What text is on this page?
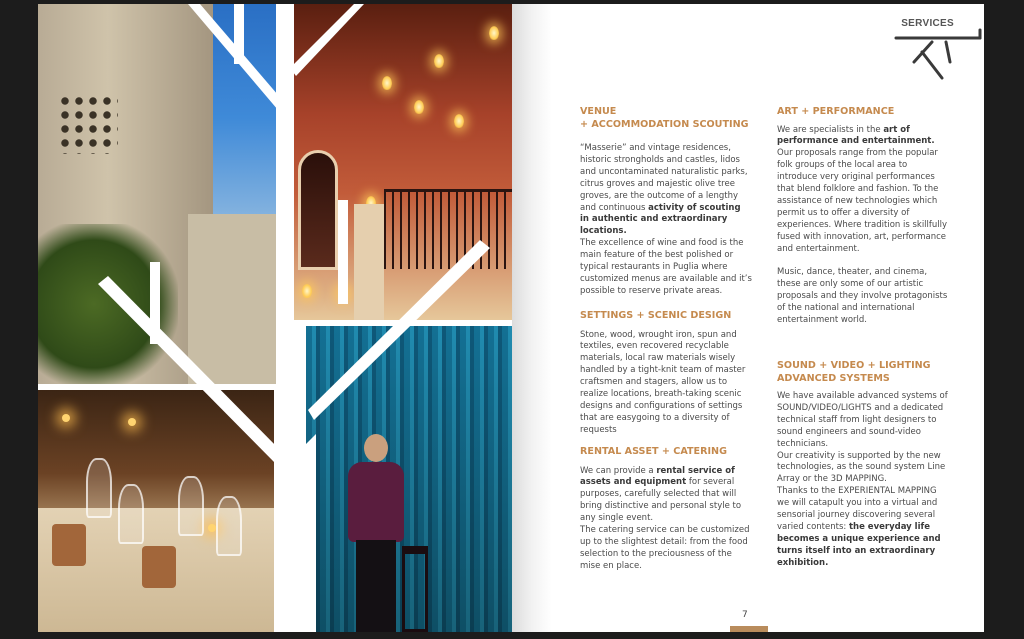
SERVICES
VENUE
+ ACCOMMODATION SCOUTING

“Masserie” and vintage residences, historic strongholds and castles, lidos and uncontaminated naturalistic parks, citrus groves and majestic olive tree groves, are the outcome of a lengthy and continuous activity of scouting in authentic and extraordinary locations.
The excellence of wine and food is the main feature of the best polished or typical restaurants in Puglia where customized menus are available and it’s possible to reserve private areas.

SETTINGS + SCENIC DESIGN

Stone, wood, wrought iron, spun and textiles, even recovered recyclable materials, local raw materials wisely handled by a tight-knit team of master craftsmen and stagers, allow us to realize locations, breath-taking scenic designs and configurations of settings that are easygoing to a diversity of requests

RENTAL ASSET + CATERING

We can provide a rental service of assets and equipment for several purposes, carefully selected that will bring distinctive and personal style to any single event.
The catering service can be customized up to the slightest detail: from the food selection to the preciousness of the mise en place.

ART + PERFORMANCE

We are specialists in the art of performance and entertainment. Our proposals range from the popular folk groups of the local area to introduce very original performances that blend folklore and fashion. To the assistance of new technologies which permit us to offer a diversity of experiences. Where tradition is skillfully fused with innovation, art, performance and entertainment.

Music, dance, theater, and cinema, these are only some of our artistic proposals and they involve protagonists of the national and international entertainment world.

SOUND + VIDEO + LIGHTING
ADVANCED SYSTEMS

We have available advanced systems of SOUND/VIDEO/LIGHTS and a dedicated technical staff from light designers to sound engineers and sound-video technicians.
Our creativity is supported by the new technologies, as the sound system Line Array or the 3D MAPPING.
Thanks to the EXPERIENTAL MAPPING we will catapult you into a virtual and sensorial journey discovering several varied contents: the everyday life becomes a unique experience and turns itself into an extraordinary exhibition.

7
